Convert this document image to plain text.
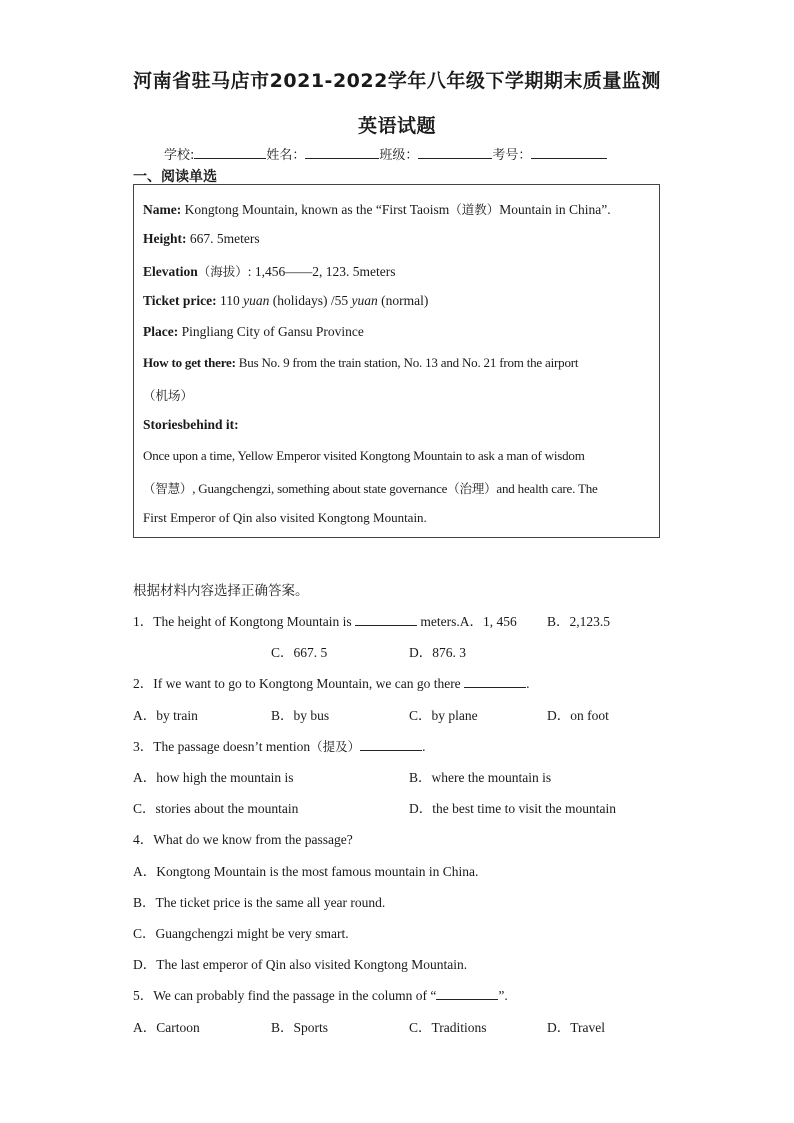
河南省驻马店市2021-2022学年八年级下学期期末质量监测
英语试题
学校:	姓名：	班级：	考号：
一、阅读单选
Name: Kongtong Mountain, known as the “First Taoism（道教）Mountain in China”.
Height: 667. 5meters
Elevation（海拔）: 1,456——2, 123. 5meters
Ticket price: 110 yuan (holidays) /55 yuan (normal)
Place: Pingliang City of Gansu Province
How to get there: Bus No. 9 from the train station, No. 13 and No. 21 from the airport
（机场）
Storiesbehind it:
Once upon a time, Yellow Emperor visited Kongtong Mountain to ask a man of wisdom
（智慧）, Guangchengzi, something about state governance（治理）and health care. The
First Emperor of Qin also visited Kongtong Mountain.
根据材料内容选择正确答案。
1．The height of Kongtong Mountain is	meters.A．1, 456 B．2,123.5
C．667. 5	D．876. 3
2．If we want to go to Kongtong Mountain, we can go there	.
A．by train	B．by bus	C．by plane	D．on foot
3．The passage doesn’t mention（提及）	.
A．how high the mountain is	B．where the mountain is
C．stories about the mountain	D．the best time to visit the mountain
4．What do we know from the passage?
A．Kongtong Mountain is the most famous mountain in China.
B．The ticket price is the same all year round.
C．Guangchengzi might be very smart.
D．The last emperor of Qin also visited Kongtong Mountain.
5．We can probably find the passage in the column of “	”.
A．Cartoon	B．Sports	C．Traditions	D．Travel
